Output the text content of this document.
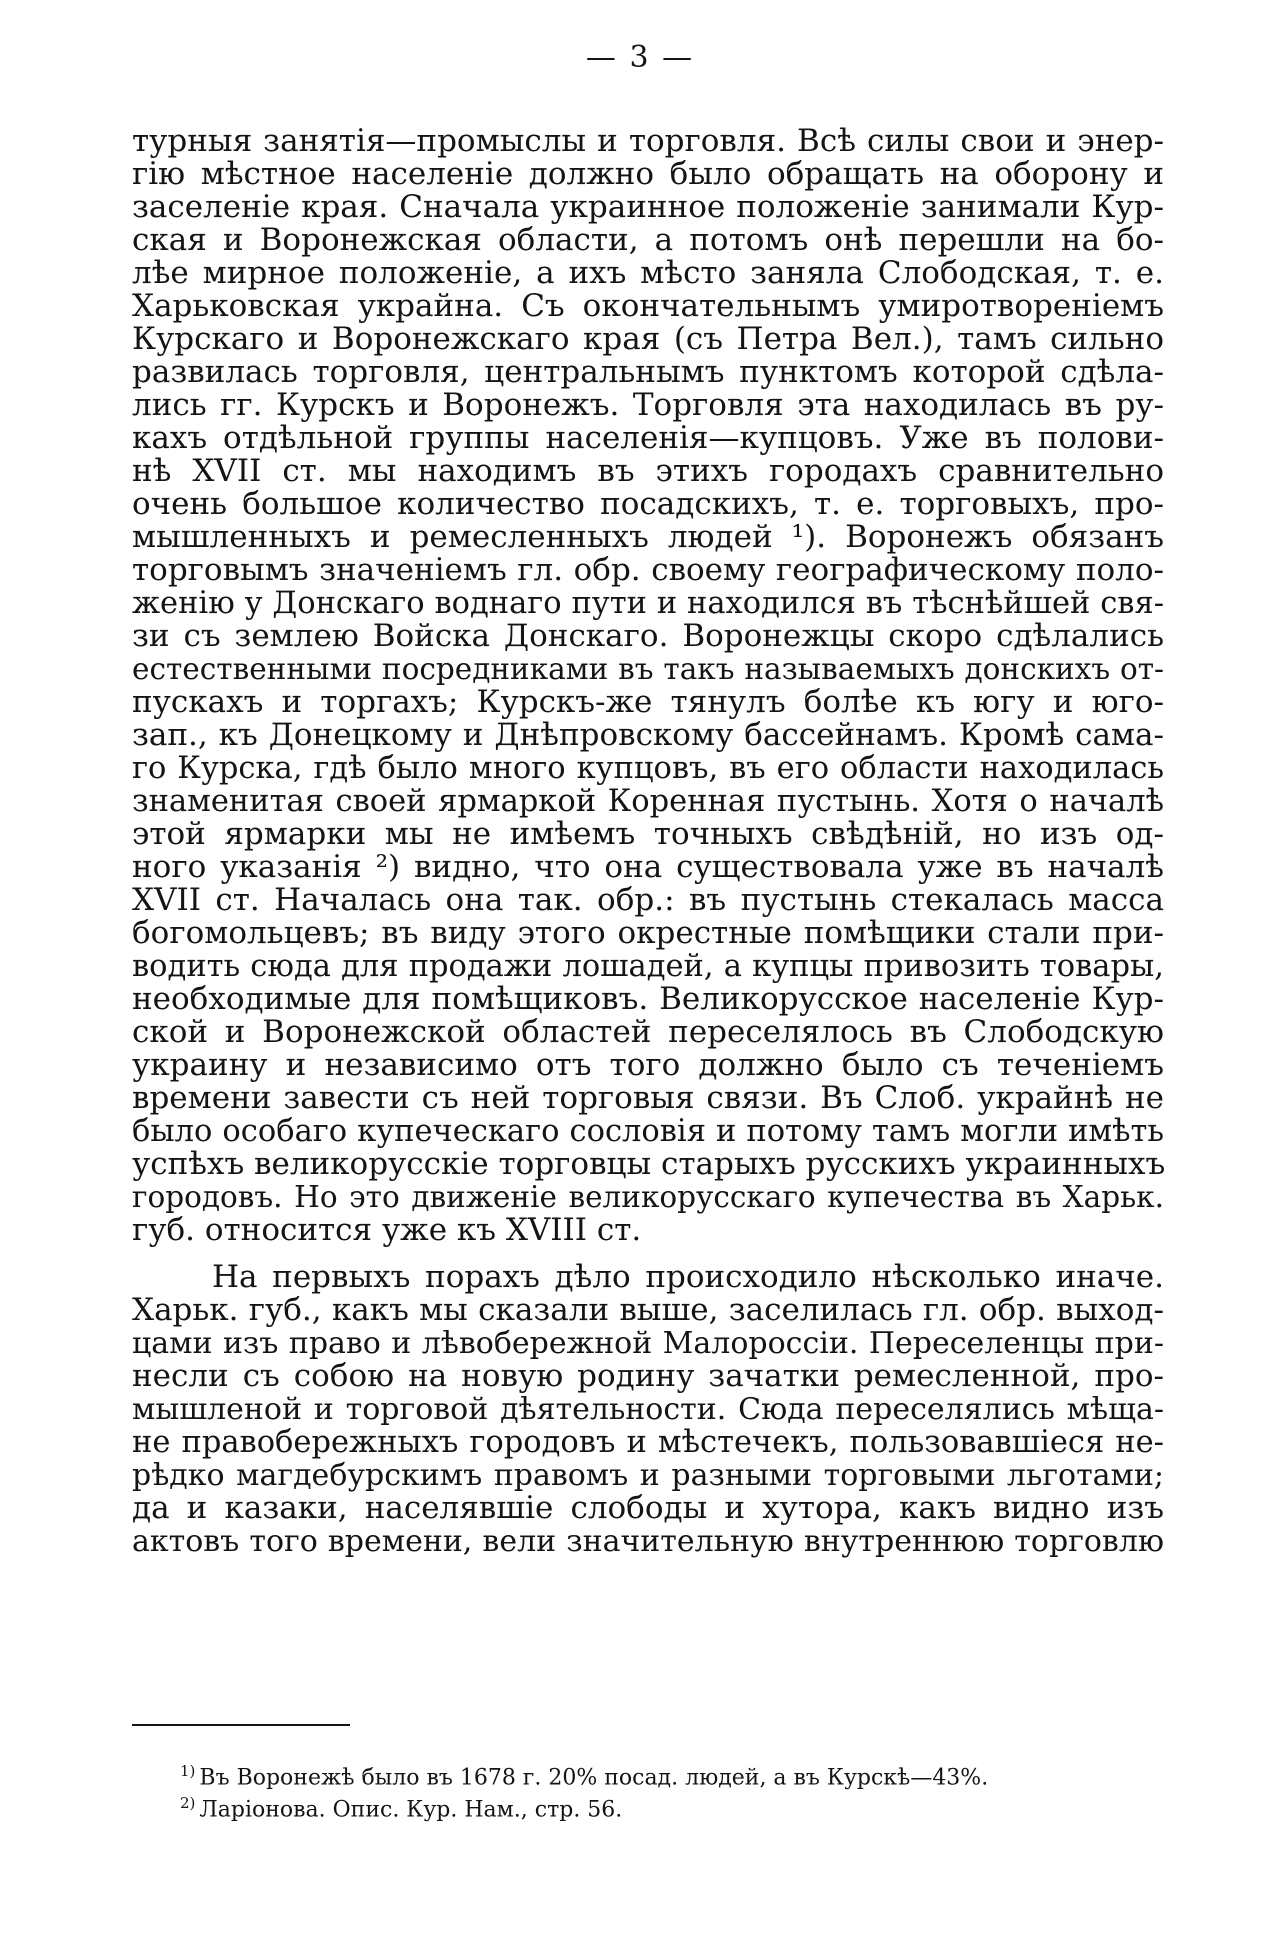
— 3 —
турныя занятія—промыслы и торговля. Всѣ силы свои и энер-
гію мѣстное населеніе должно было обращать на оборону и
заселеніе края. Сначала украинное положеніе занимали Кур-
ская и Воронежская области, а потомъ онѣ перешли на бо-
лѣе мирное положеніе, а ихъ мѣсто заняла Слободская, т. е.
Харьковская украйна. Съ окончательнымъ умиротвореніемъ
Курскаго и Воронежскаго края (съ Петра Вел.), тамъ сильно
развилась торговля, центральнымъ пунктомъ которой сдѣла-
лись гг. Курскъ и Воронежъ. Торговля эта находилась въ ру-
кахъ отдѣльной группы населенія—купцовъ. Уже въ полови-
нѣ XVII ст. мы находимъ въ этихъ городахъ сравнительно
очень большое количество посадскихъ, т. е. торговыхъ, про-
мышленныхъ и ремесленныхъ людей ¹). Воронежъ обязанъ
торговымъ значеніемъ гл. обр. своему географическому поло-
женію у Донскаго воднаго пути и находился въ тѣснѣйшей свя-
зи съ землею Войска Донскаго. Воронежцы скоро сдѣлались
естественными посредниками въ такъ называемыхъ донскихъ от-
пускахъ и торгахъ; Курскъ-же тянулъ болѣе къ югу и юго-
зап., къ Донецкому и Днѣпровскому бассейнамъ. Кромѣ сама-
го Курска, гдѣ было много купцовъ, въ его области находилась
знаменитая своей ярмаркой Коренная пустынь. Хотя о началѣ
этой ярмарки мы не имѣемъ точныхъ свѣдѣній, но изъ од-
ного указанія ²) видно, что она существовала уже въ началѣ
XVII ст. Началась она так. обр.: въ пустынь стекалась масса
богомольцевъ; въ виду этого окрестные помѣщики стали при-
водить сюда для продажи лошадей, а купцы привозить товары,
необходимые для помѣщиковъ. Великорусское населеніе Кур-
ской и Воронежской областей переселялось въ Слободскую
украину и независимо отъ того должно было съ теченіемъ
времени завести съ ней торговыя связи. Въ Слоб. украйнѣ не
было особаго купеческаго сословія и потому тамъ могли имѣть
успѣхъ великорусскіе торговцы старыхъ русскихъ украинныхъ
городовъ. Но это движеніе великорусскаго купечества въ Харьк.
губ. относится уже къ XVIII ст.
На первыхъ порахъ дѣло происходило нѣсколько иначе.
Харьк. губ., какъ мы сказали выше, заселилась гл. обр. выход-
цами изъ право и лѣвобережной Малороссіи. Переселенцы при-
несли съ собою на новую родину зачатки ремесленной, про-
мышленой и торговой дѣятельности. Сюда переселялись мѣща-
не правобережныхъ городовъ и мѣстечекъ, пользовавшіеся не-
рѣдко магдебурскимъ правомъ и разными торговыми льготами;
да и казаки, населявшіе слободы и хутора, какъ видно изъ
актовъ того времени, вели значительную внутреннюю торговлю
$^{1)}$ Въ Воронежѣ было въ 1678 г. 20% посад. людей, а въ Курскѣ—43%.
$^{2)}$ Ларіонова. Опис. Кур. Нам., стр. 56.
